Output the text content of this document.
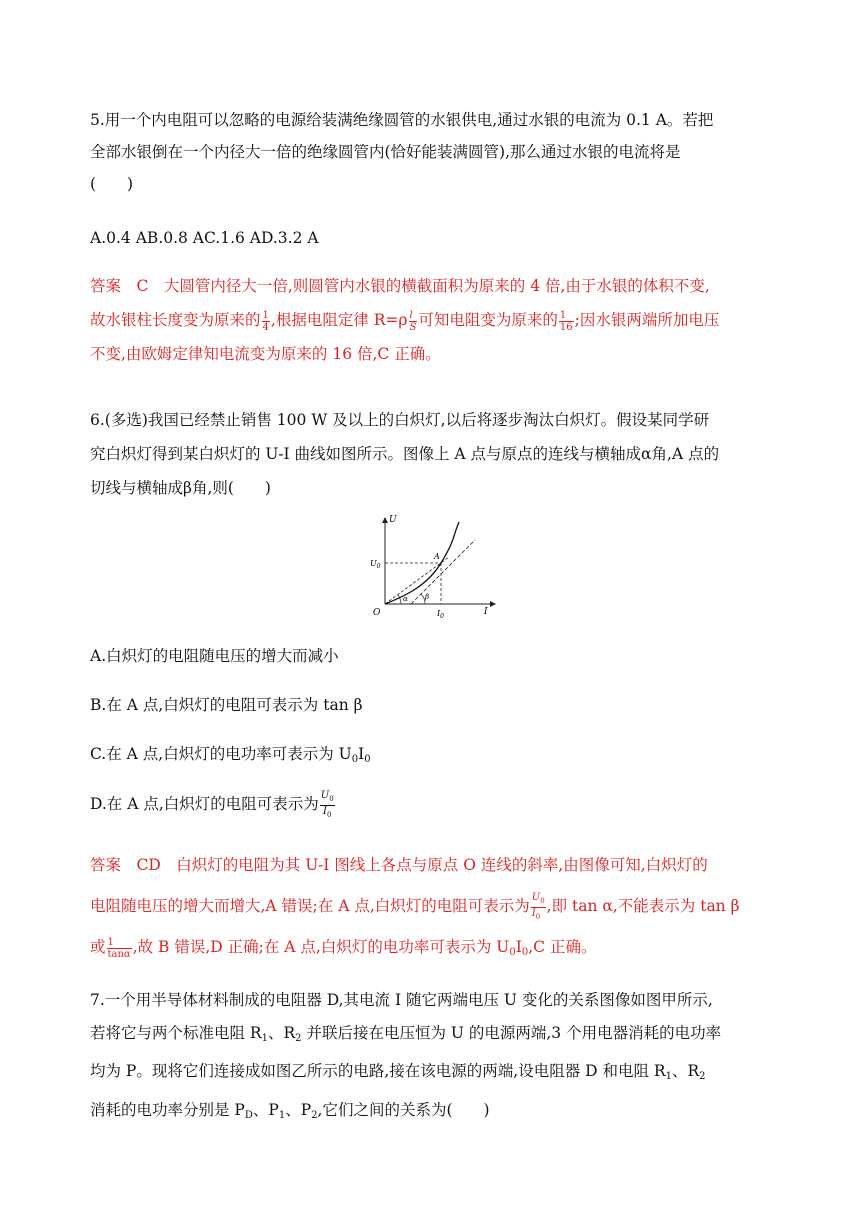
5.用一个内电阻可以忽略的电源给装满绝缘圆管的水银供电,通过水银的电流为 0.1 A。若把
全部水银倒在一个内径大一倍的绝缘圆管内(恰好能装满圆管),那么通过水银的电流将是
(　　)
A.0.4 AB.0.8 AC.1.6 AD.3.2 A
答案　C　大圆管内径大一倍,则圆管内水银的横截面积为原来的 4 倍,由于水银的体积不变,
故水银柱长度变为原来的 $\frac{1}{4}$ ,根据电阻定律 $R=\rho \frac{l}{S}$ 可知电阻变为原来的 $\frac{1}{16}$ ;因水银两端所加电压
不变,由欧姆定律知电流变为原来的 16 倍,C 正确。
6.(多选)我国已经禁止销售 100 W 及以上的白炽灯,以后将逐步淘汰白炽灯。假设某同学研
究白炽灯得到某白炽灯的 U-I 曲线如图所示。图像上 A 点与原点的连线与横轴成α角,A 点的
切线与横轴成β角,则(　　)
U
I
O
$U_0$
$I_0$
A
α β
A.白炽灯的电阻随电压的增大而减小
B.在 A 点,白炽灯的电阻可表示为 tan β
C.在 A 点,白炽灯的电功率可表示为 $U_0I_0$
D.在 A 点,白炽灯的电阻可表示为 $\frac{U_0}{I_0}$
答案　CD　白炽灯的电阻为其 U-I 图线上各点与原点 O 连线的斜率,由图像可知,白炽灯的
电阻随电压的增大而增大,A 错误;在 A 点,白炽灯的电阻可表示为 $\frac{U_0}{I_0}$ ,即 tan α,不能表示为 tan β
或 $\frac{1}{\tan\alpha}$ ,故 B 错误,D 正确;在 A 点,白炽灯的电功率可表示为 $U_0I_0,C$ 正确。
7.一个用半导体材料制成的电阻器 D,其电流 I 随它两端电压 U 变化的关系图像如图甲所示,
若将它与两个标准电阻 $R_1$、$R_2$ 并联后接在电压恒为 U 的电源两端,3 个用电器消耗的电功率
均为 P。现将它们连接成如图乙所示的电路,接在该电源的两端,设电阻器 D 和电阻 $R_1$、$R_2$
消耗的电功率分别是 $P_D$、$P_1$、$P_2$,它们之间的关系为(　　)
